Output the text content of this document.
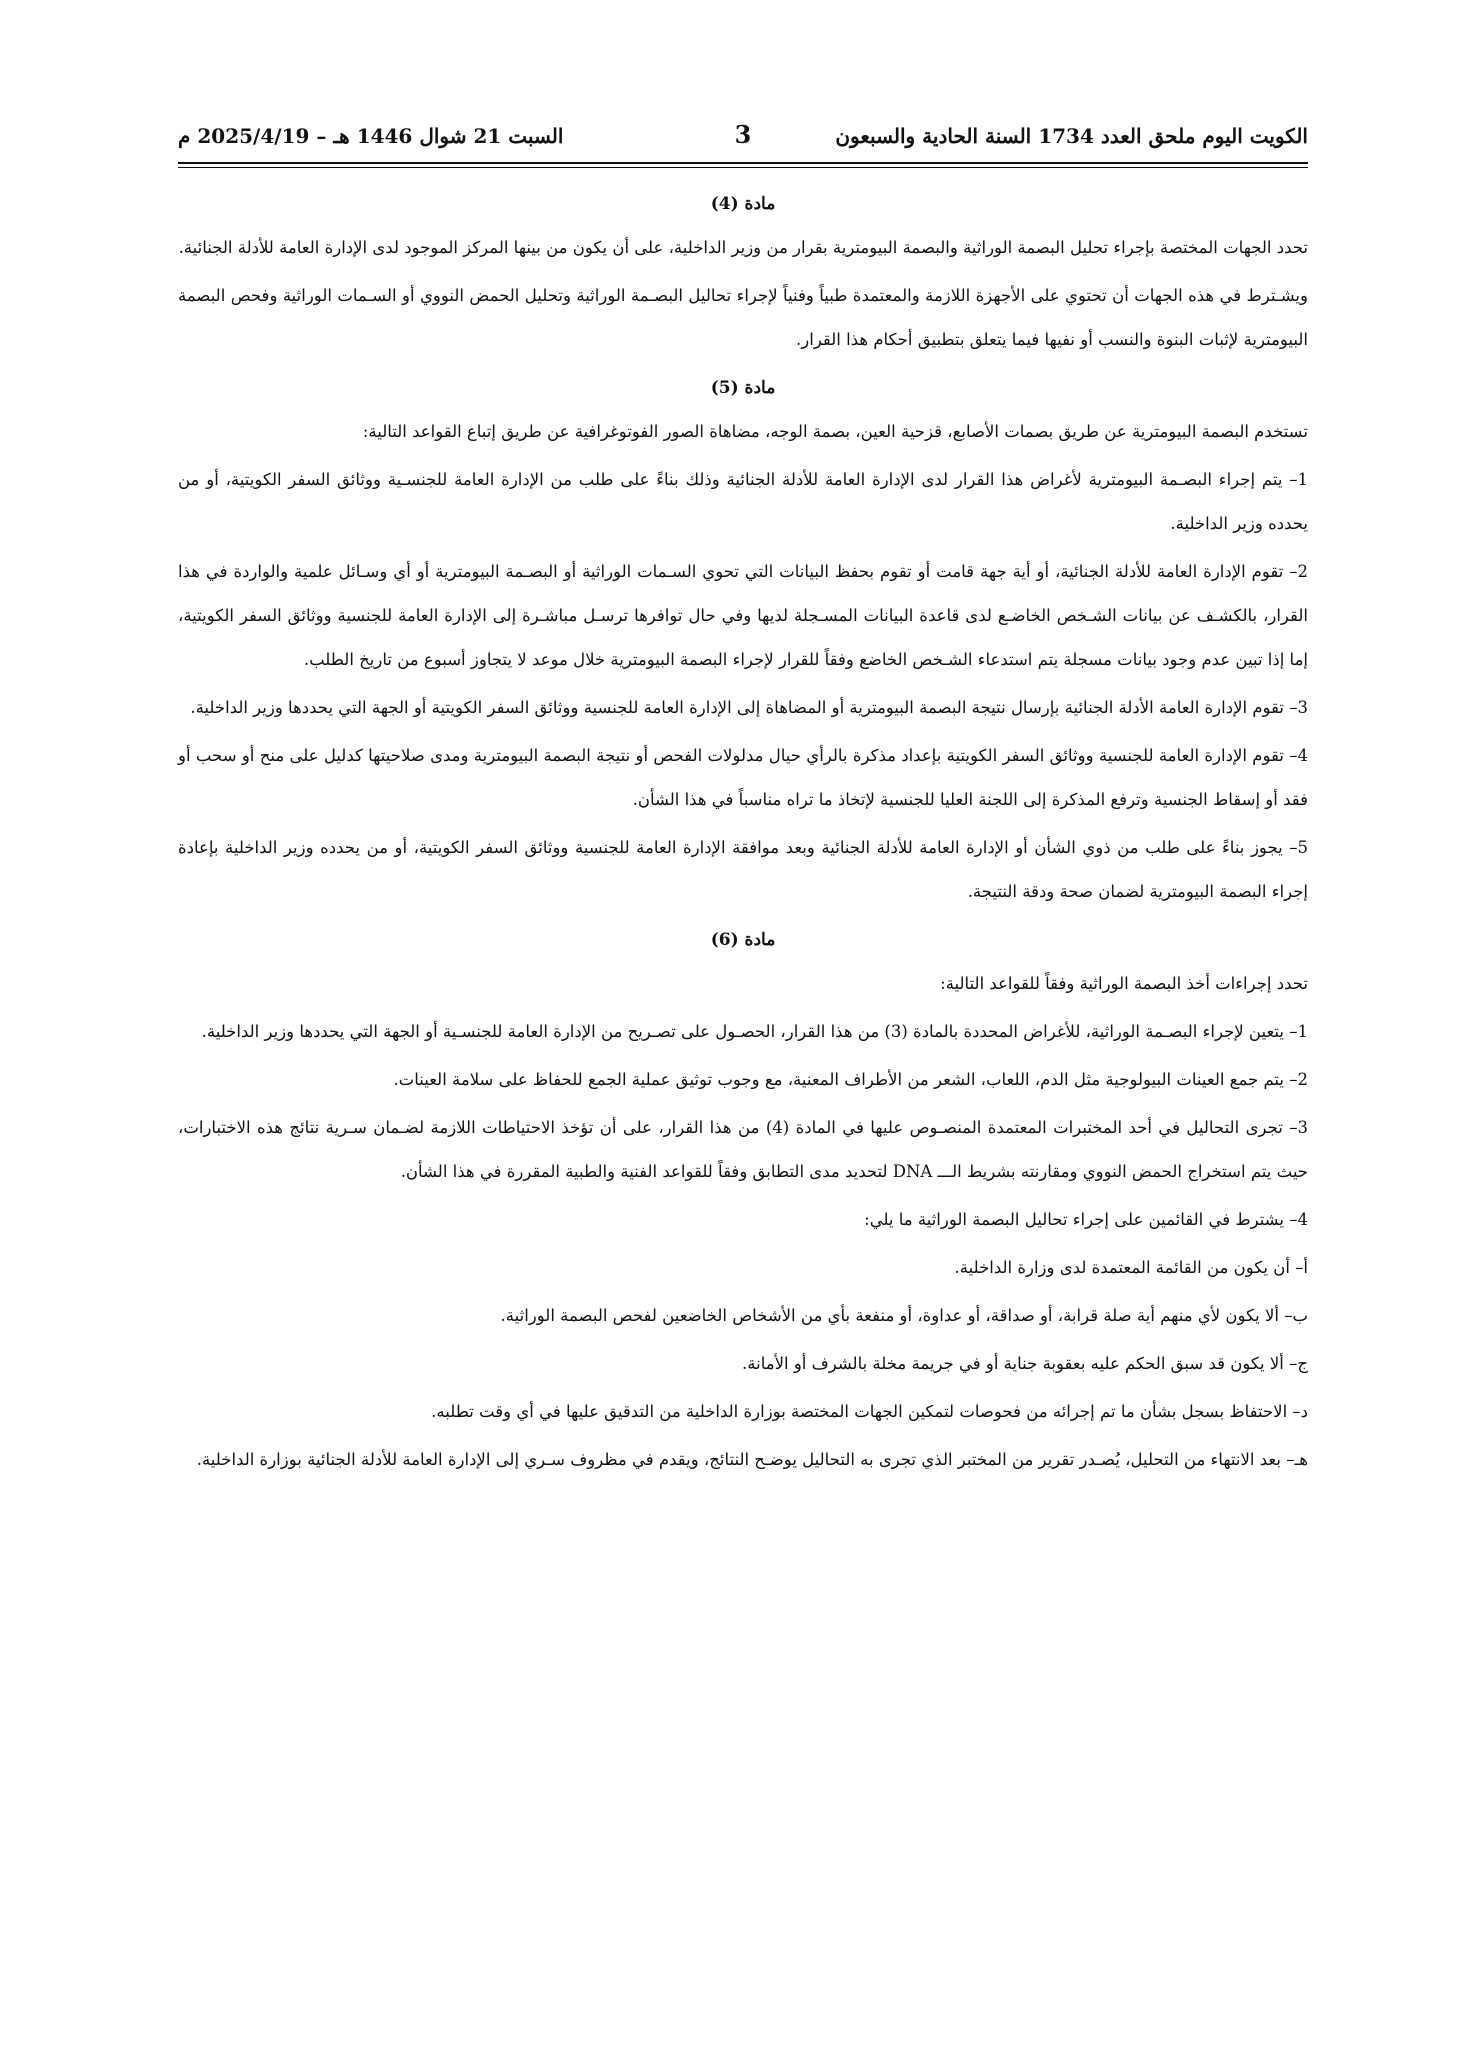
الكويت اليوم ملحق العدد 1734 السنة الحادية والسبعون
3
السبت 21 شوال 1446 هـ – 2025/4/19 م

مادة (4)

تحدد الجهات المختصة بإجراء تحليل البصمة الوراثية والبصمة البيومترية بقرار من وزير الداخلية، على أن يكون من بينها المركز الموجود لدى الإدارة العامة للأدلة الجنائية.

ويشـترط في هذه الجهات أن تحتوي على الأجهزة اللازمة والمعتمدة طبياً وفنياً لإجراء تحاليل البصـمة الوراثية وتحليل الحمض النووي أو السـمات الوراثية وفحص البصمة البيومترية لإثبات البنوة والنسب أو نفيها فيما يتعلق بتطبيق أحكام هذا القرار.

مادة (5)

تستخدم البصمة البيومترية عن طريق بصمات الأصابع، قزحية العين، بصمة الوجه، مضاهاة الصور الفوتوغرافية عن طريق إتباع القواعد التالية:

1– يتم إجراء البصـمة البيومترية لأغراض هذا القرار لدى الإدارة العامة للأدلة الجنائية وذلك بناءً على طلب من الإدارة العامة للجنسـية ووثائق السفر الكويتية، أو من يحدده وزير الداخلية.

2– تقوم الإدارة العامة للأدلة الجنائية، أو أية جهة قامت أو تقوم بحفظ البيانات التي تحوي السـمات الوراثية أو البصـمة البيومترية أو أي وسـائل علمية والواردة في هذا القرار، بالكشـف عن بيانات الشـخص الخاضـع لدى قاعدة البيانات المسـجلة لديها وفي حال توافرها ترسـل مباشـرة إلى الإدارة العامة للجنسية ووثائق السفر الكويتية، إما إذا تبين عدم وجود بيانات مسجلة يتم استدعاء الشـخص الخاضع وفقاً للقرار لإجراء البصمة البيومترية خلال موعد لا يتجاوز أسبوع من تاريخ الطلب.

3– تقوم الإدارة العامة الأدلة الجنائية بإرسال نتيجة البصمة البيومترية أو المضاهاة إلى الإدارة العامة للجنسية ووثائق السفر الكويتية أو الجهة التي يحددها وزير الداخلية.

4– تقوم الإدارة العامة للجنسية ووثائق السفر الكويتية بإعداد مذكرة بالرأي حيال مدلولات الفحص أو نتيجة البصمة البيومترية ومدى صلاحيتها كدليل على منح أو سحب أو فقد أو إسقاط الجنسية وترفع المذكرة إلى اللجنة العليا للجنسية لإتخاذ ما تراه مناسباً في هذا الشأن.

5– يجوز بناءً على طلب من ذوي الشأن أو الإدارة العامة للأدلة الجنائية وبعد موافقة الإدارة العامة للجنسية ووثائق السفر الكويتية، أو من يحدده وزير الداخلية بإعادة إجراء البصمة البيومترية لضمان صحة ودقة النتيجة.

مادة (6)

تحدد إجراءات أخذ البصمة الوراثية وفقاً للقواعد التالية:

1– يتعين لإجراء البصـمة الوراثية، للأغراض المحددة بالمادة (3) من هذا القرار، الحصـول على تصـريح من الإدارة العامة للجنسـية أو الجهة التي يحددها وزير الداخلية.

2– يتم جمع العينات البيولوجية مثل الدم، اللعاب، الشعر من الأطراف المعنية، مع وجوب توثيق عملية الجمع للحفاظ على سلامة العينات.

3– تجرى التحاليل في أحد المختبرات المعتمدة المنصـوص عليها في المادة (4) من هذا القرار، على أن تؤخذ الاحتياطات اللازمة لضـمان سـرية نتائج هذه الاختبارات، حيث يتم استخراج الحمض النووي ومقارنته بشريط الـــ DNA لتحديد مدى التطابق وفقاً للقواعد الفنية والطبية المقررة في هذا الشأن.

4– يشترط في القائمين على إجراء تحاليل البصمة الوراثية ما يلي:

أ– أن يكون من القائمة المعتمدة لدى وزارة الداخلية.

ب– ألا يكون لأي منهم أية صلة قرابة، أو صداقة، أو عداوة، أو منفعة بأي من الأشخاص الخاضعين لفحص البصمة الوراثية.

ج– ألا يكون قد سبق الحكم عليه بعقوبة جناية أو في جريمة مخلة بالشرف أو الأمانة.

د– الاحتفاظ بسجل بشأن ما تم إجرائه من فحوصات لتمكين الجهات المختصة بوزارة الداخلية من التدقيق عليها في أي وقت تطلبه.

هـ– بعد الانتهاء من التحليل، يُصـدر تقرير من المختبر الذي تجرى به التحاليل يوضـح النتائج، ويقدم في مظروف سـري إلى الإدارة العامة للأدلة الجنائية بوزارة الداخلية.
